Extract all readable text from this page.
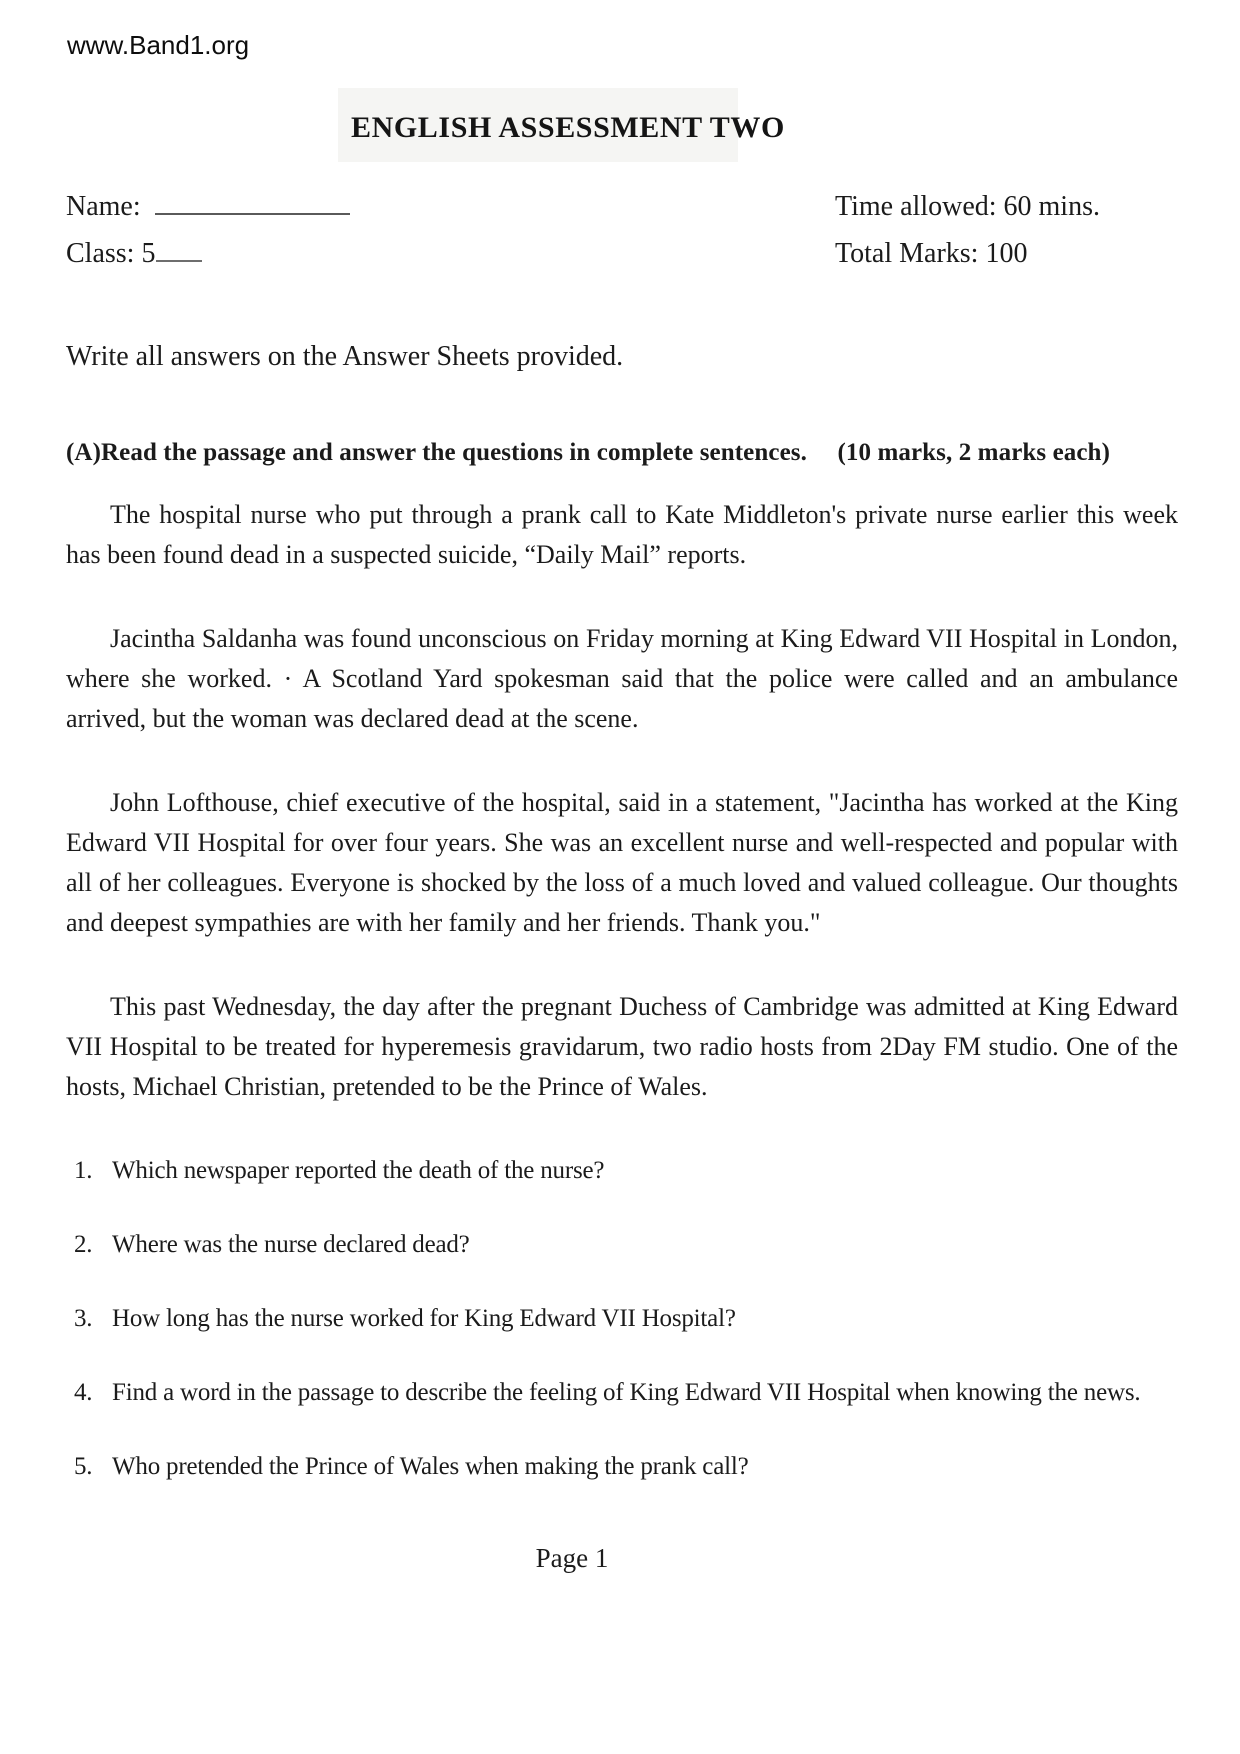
www.Band1.org
ENGLISH ASSESSMENT TWO
Name:
Class: 5
Time allowed: 60 mins.
Total Marks: 100

Write all answers on the Answer Sheets provided.

(A)Read the passage and answer the questions in complete sentences. (10 marks, 2 marks each)

The hospital nurse who put through a prank call to Kate Middleton's private nurse earlier this week has been found dead in a suspected suicide, “Daily Mail” reports.

Jacintha Saldanha was found unconscious on Friday morning at King Edward VII Hospital in London, where she worked. · A Scotland Yard spokesman said that the police were called and an ambulance arrived, but the woman was declared dead at the scene.

John Lofthouse, chief executive of the hospital, said in a statement, "Jacintha has worked at the King Edward VII Hospital for over four years. She was an excellent nurse and well-respected and popular with all of her colleagues. Everyone is shocked by the loss of a much loved and valued colleague. Our thoughts and deepest sympathies are with her family and her friends. Thank you."

This past Wednesday, the day after the pregnant Duchess of Cambridge was admitted at King Edward VII Hospital to be treated for hyperemesis gravidarum, two radio hosts from 2Day FM studio. One of the hosts, Michael Christian, pretended to be the Prince of Wales.

1. Which newspaper reported the death of the nurse?
2. Where was the nurse declared dead?
3. How long has the nurse worked for King Edward VII Hospital?
4. Find a word in the passage to describe the feeling of King Edward VII Hospital when knowing the news.
5. Who pretended the Prince of Wales when making the prank call?
Page 1
